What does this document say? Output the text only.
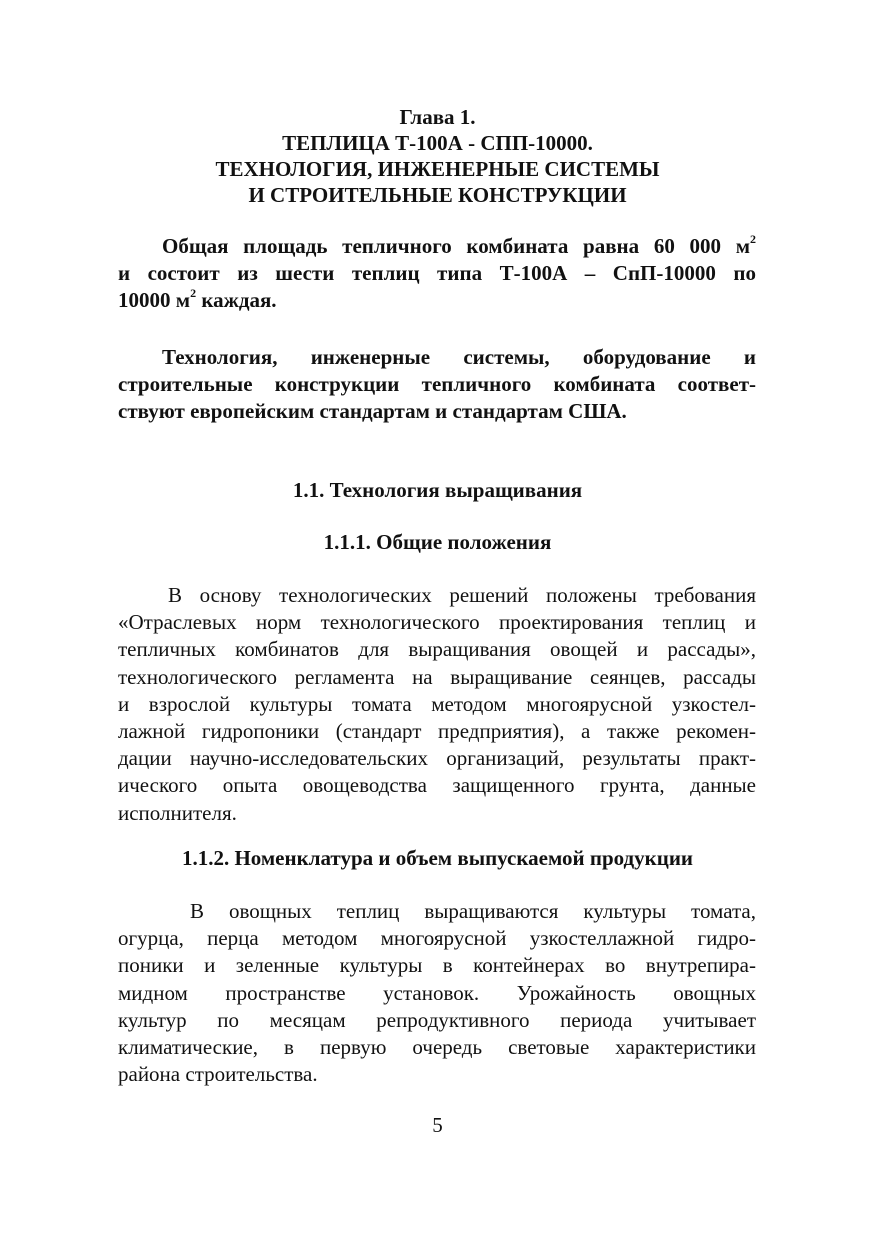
Глава 1.
ТЕПЛИЦА Т-100А - СПП-10000.
ТЕХНОЛОГИЯ, ИНЖЕНЕРНЫЕ СИСТЕМЫ
И СТРОИТЕЛЬНЫЕ КОНСТРУКЦИИ
Общая площадь тепличного комбината равна 60 000 $м^2$
и состоит из шести теплиц типа Т-100А – СпП-10000 по
10000 $м^2$ каждая.
Технология, инженерные системы, оборудование и
строительные конструкции тепличного комбината соответ-
ствуют европейским стандартам и стандартам США.
1.1. Технология выращивания
1.1.1. Общие положения
В основу технологических решений положены требования
«Отраслевых норм технологического проектирования теплиц и
тепличных комбинатов для выращивания овощей и рассады»,
технологического регламента на выращивание сеянцев, рассады
и взрослой культуры томата методом многоярусной узкостел-
лажной гидропоники (стандарт предприятия), а также рекомен-
дации научно-исследовательских организаций, результаты практ-
ического опыта овощеводства защищенного грунта, данные
исполнителя.
1.1.2. Номенклатура и объем выпускаемой продукции
В овощных теплиц выращиваются культуры томата,
огурца, перца методом многоярусной узкостеллажной гидро-
поники и зеленные культуры в контейнерах во внутрепира-
мидном пространстве установок. Урожайность овощных
культур по месяцам репродуктивного периода учитывает
климатические, в первую очередь световые характеристики
района строительства.
5
